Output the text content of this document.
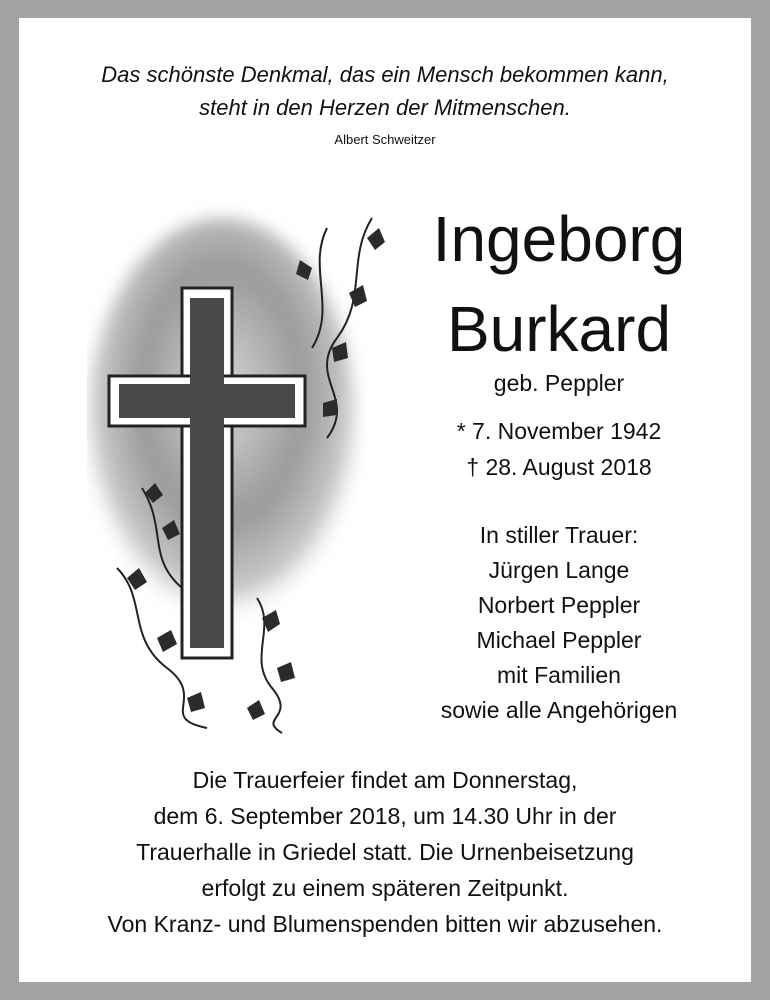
Das schönste Denkmal, das ein Mensch bekommen kann,
steht in den Herzen der Mitmenschen.
Albert Schweitzer
Ingeborg
Burkard
geb. Peppler
* 7. November 1942
† 28. August 2018
In stiller Trauer:
Jürgen Lange
Norbert Peppler
Michael Peppler
mit Familien
sowie alle Angehörigen
Die Trauerfeier findet am Donnerstag,
dem 6. September 2018, um 14.30 Uhr in der
Trauerhalle in Griedel statt. Die Urnenbeisetzung
erfolgt zu einem späteren Zeitpunkt.
Von Kranz- und Blumenspenden bitten wir abzusehen.
